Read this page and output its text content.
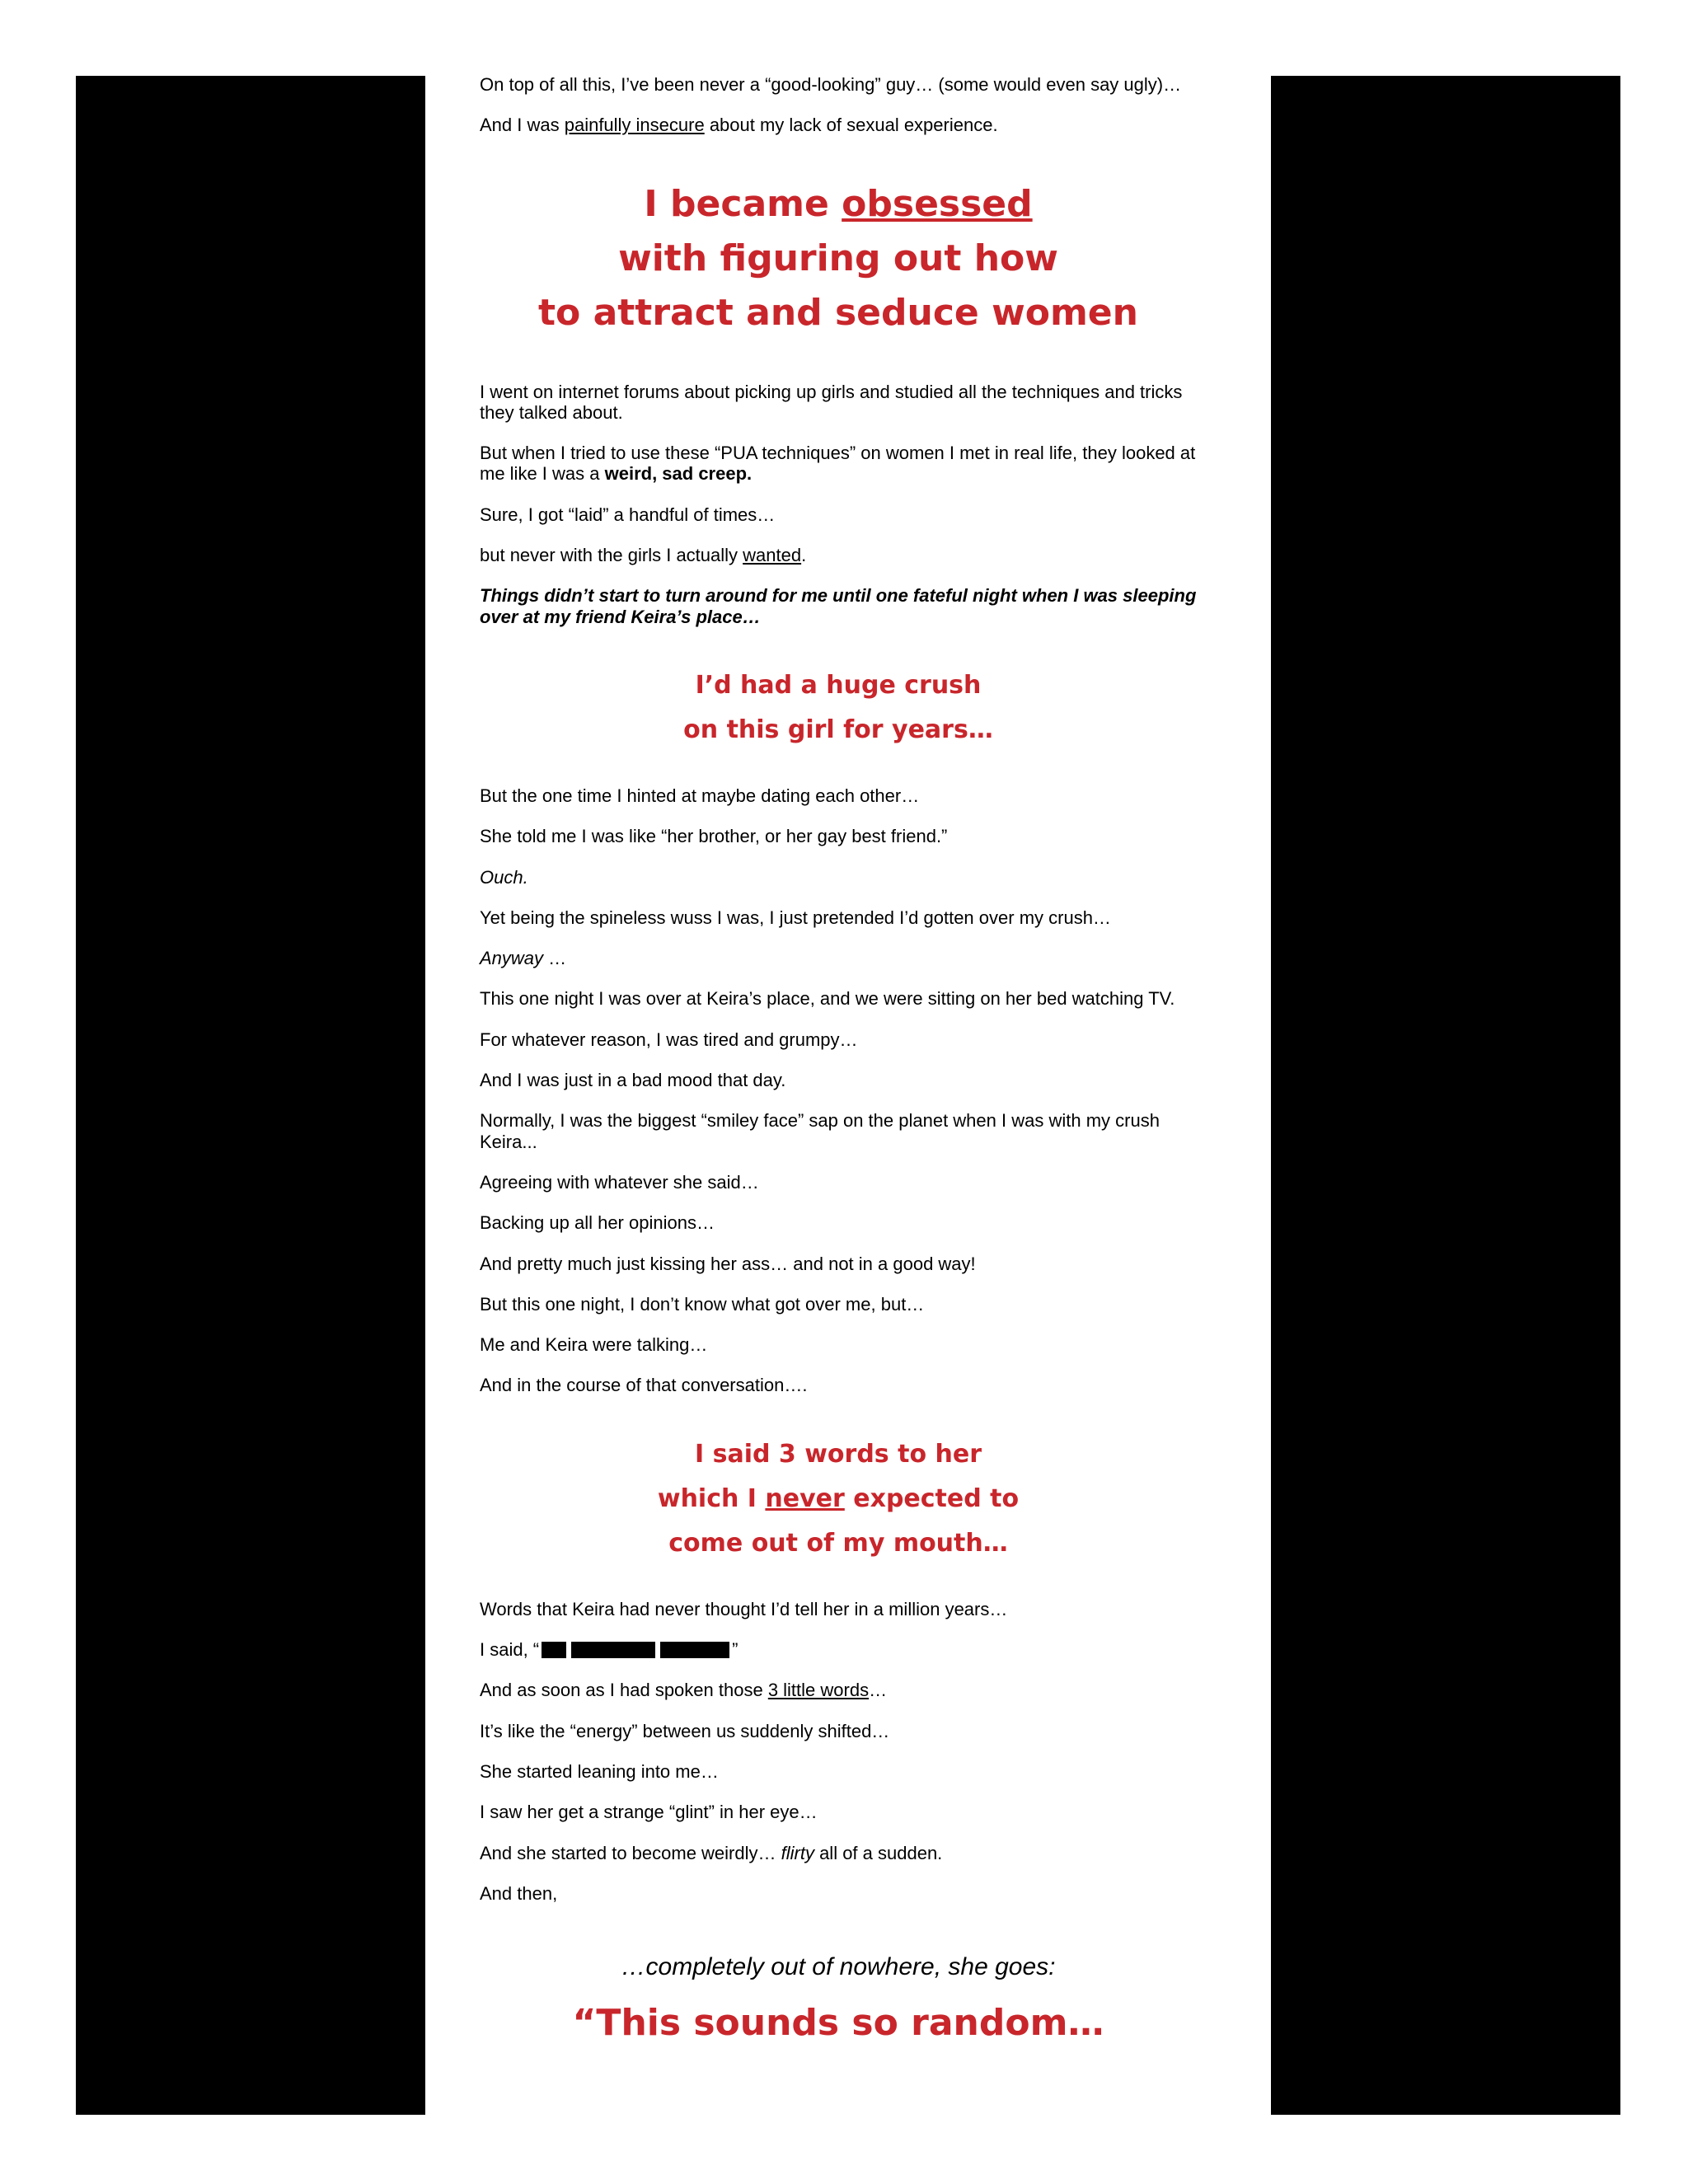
On top of all this, I’ve been never a “good-looking” guy… (some would even say ugly)…

And I was painfully insecure about my lack of sexual experience.

I became obsessed
with figuring out how
to attract and seduce women

I went on internet forums about picking up girls and studied all the techniques and tricks they talked about.

But when I tried to use these “PUA techniques” on women I met in real life, they looked at me like I was a weird, sad creep.

Sure, I got “laid” a handful of times…

but never with the girls I actually wanted.

Things didn’t start to turn around for me until one fateful night when I was sleeping over at my friend Keira’s place…

I’d had a huge crush
on this girl for years…

But the one time I hinted at maybe dating each other…

She told me I was like “her brother, or her gay best friend.”

Ouch.

Yet being the spineless wuss I was, I just pretended I’d gotten over my crush…

Anyway …

This one night I was over at Keira’s place, and we were sitting on her bed watching TV.

For whatever reason, I was tired and grumpy…

And I was just in a bad mood that day.

Normally, I was the biggest “smiley face” sap on the planet when I was with my crush Keira...

Agreeing with whatever she said…

Backing up all her opinions…

And pretty much just kissing her ass… and not in a good way!

But this one night, I don’t know what got over me, but…

Me and Keira were talking…

And in the course of that conversation….

I said 3 words to her
which I never expected to
come out of my mouth…

Words that Keira had never thought I’d tell her in a million years…

I said, “	”

And as soon as I had spoken those 3 little words…

It’s like the “energy” between us suddenly shifted…

She started leaning into me…

I saw her get a strange “glint” in her eye…

And she started to become weirdly… flirty all of a sudden.

And then,

…completely out of nowhere, she goes:
“This sounds so random…
